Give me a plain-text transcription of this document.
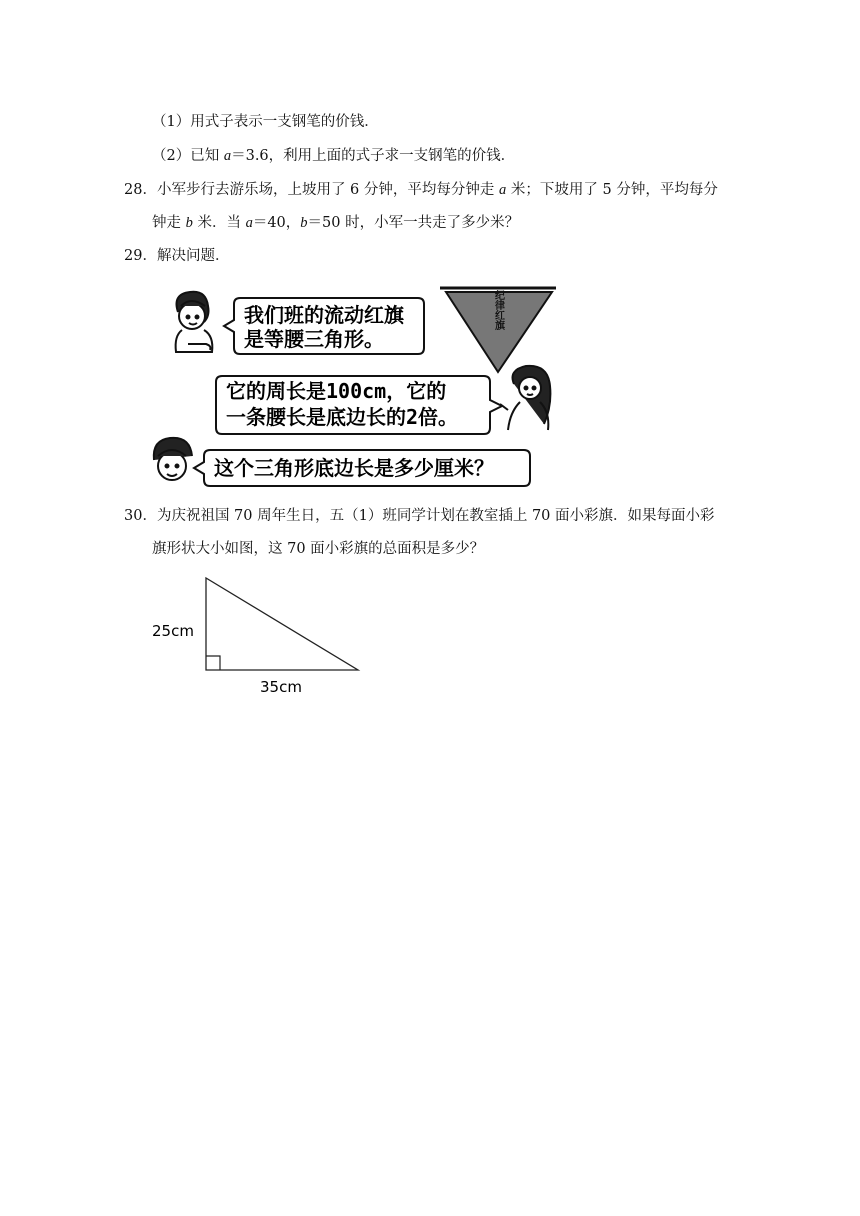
（1）用式子表示一支钢笔的价钱．
（2）已知 a＝3.6，利用上面的式子求一支钢笔的价钱．
28．小军步行去游乐场，上坡用了 6 分钟，平均每分钟走 a 米；下坡用了 5 分钟，平均每分
钟走 b 米．当 a＝40，b＝50 时，小军一共走了多少米？
29．解决问题．
我们班的流动红旗
是等腰三角形。
纪律红旗
它的周长是100cm，它的
一条腰长是底边长的2倍。
这个三角形底边长是多少厘米？
30．为庆祝祖国 70 周年生日，五（1）班同学计划在教室插上 70 面小彩旗．如果每面小彩
旗形状大小如图，这 70 面小彩旗的总面积是多少？
25cm
35cm
